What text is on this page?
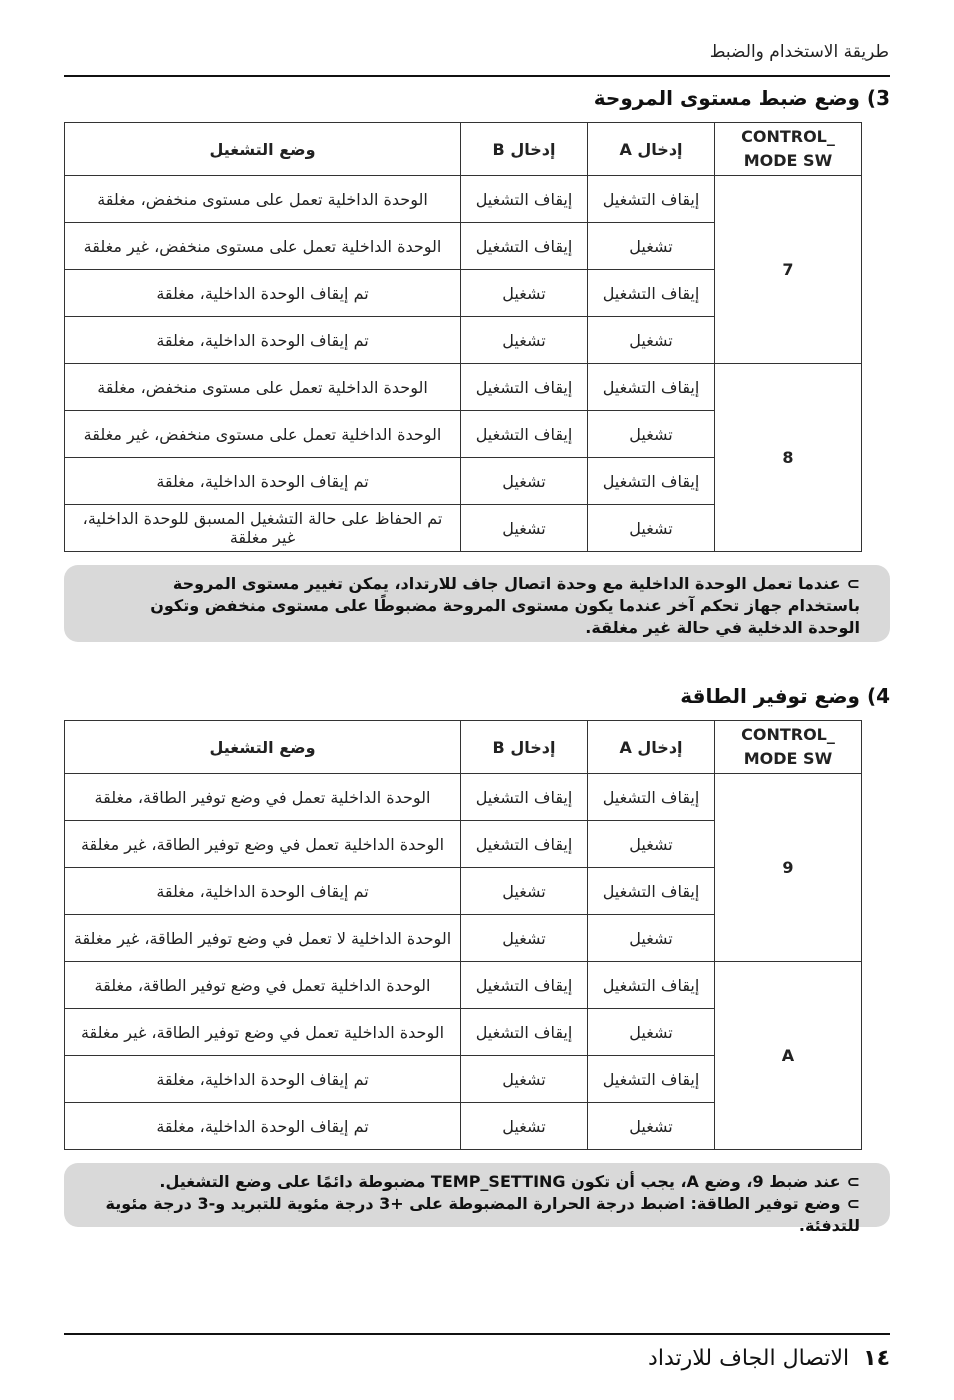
طريقة الاستخدام والضبط
3) وضع ضبط مستوى المروحة
CONTROL_
MODE SW	إدخال A	إدخال B	وضع التشغيل
7	إيقاف التشغيل	إيقاف التشغيل	الوحدة الداخلية تعمل على مستوى منخفض، مغلقة
	تشغيل	إيقاف التشغيل	الوحدة الداخلية تعمل على مستوى منخفض، غير مغلقة
	إيقاف التشغيل	تشغيل	تم إيقاف الوحدة الداخلية، مغلقة
	تشغيل	تشغيل	تم إيقاف الوحدة الداخلية، مغلقة
8	إيقاف التشغيل	إيقاف التشغيل	الوحدة الداخلية تعمل على مستوى منخفض، مغلقة
	تشغيل	إيقاف التشغيل	الوحدة الداخلية تعمل على مستوى منخفض، غير مغلقة
	إيقاف التشغيل	تشغيل	تم إيقاف الوحدة الداخلية، مغلقة
	تشغيل	تشغيل	تم الحفاظ على حالة التشغيل المسبق للوحدة الداخلية، غير مغلقة
⊃عندما تعمل الوحدة الداخلية مع وحدة اتصال جاف للارتداد، يمكن تغيير مستوى المروحة
باستخدام جهاز تحكم آخر عندما يكون مستوى المروحة مضبوطًا على مستوى منخفض وتكون
الوحدة الدخلية في حالة غير مغلقة.
4) وضع توفير الطاقة
CONTROL_
MODE SW	إدخال A	إدخال B	وضع التشغيل
9	إيقاف التشغيل	إيقاف التشغيل	الوحدة الداخلية تعمل في وضع توفير الطاقة، مغلقة
	تشغيل	إيقاف التشغيل	الوحدة الداخلية تعمل في وضع توفير الطاقة، غير مغلقة
	إيقاف التشغيل	تشغيل	تم إيقاف الوحدة الداخلية، مغلقة
	تشغيل	تشغيل	الوحدة الداخلية لا تعمل في وضع توفير الطاقة، غير مغلقة
A	إيقاف التشغيل	إيقاف التشغيل	الوحدة الداخلية تعمل في وضع توفير الطاقة، مغلقة
	تشغيل	إيقاف التشغيل	الوحدة الداخلية تعمل في وضع توفير الطاقة، غير مغلقة
	إيقاف التشغيل	تشغيل	تم إيقاف الوحدة الداخلية، مغلقة
	تشغيل	تشغيل	تم إيقاف الوحدة الداخلية، مغلقة
⊃عند ضبط 9، وضع A، يجب أن تكون TEMP_SETTING مضبوطة دائمًا على وضع التشغيل.
⊃وضع توفير الطاقة: اضبط درجة الحرارة المضبوطة على +3 درجة مئوية للتبريد و-3 درجة مئوية للتدفئة.
١٤الاتصال الجاف للارتداد
